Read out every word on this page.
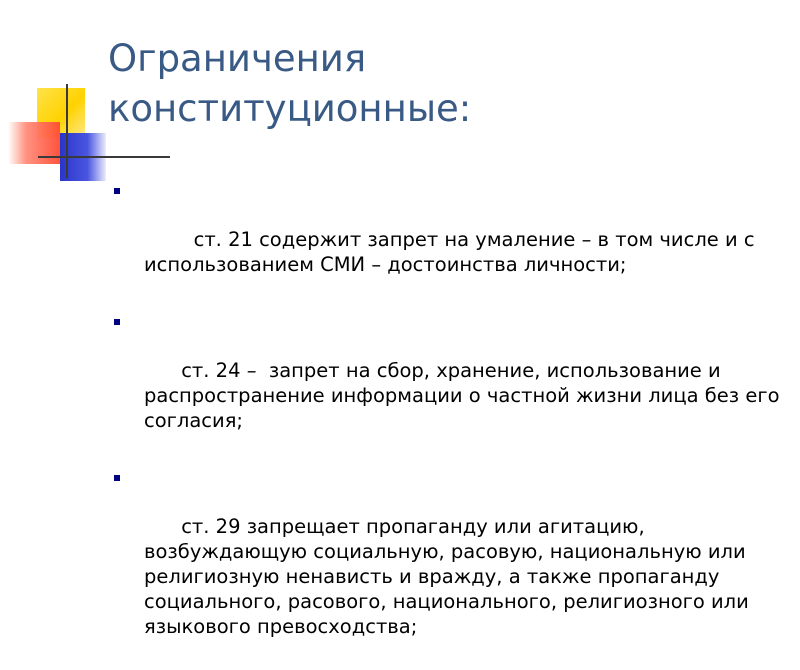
Ограничения
конституционные:

ст. 21 содержит запрет на умаление – в том числе и с использованием СМИ – достоинства личности;

ст. 24 –  запрет на сбор, хранение, использование и распространение информации о частной жизни лица без его согласия;

ст. 29 запрещает пропаганду или агитацию, возбуждающую социальную, расовую, национальную или религиозную ненависть и вражду, а также пропаганду социального, расового, национального, религиозного или языкового превосходства;
